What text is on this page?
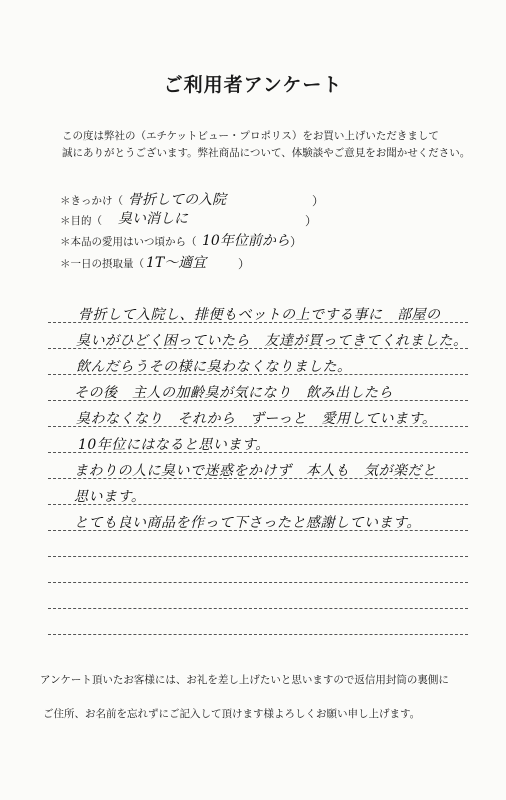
ご利用者アンケート
この度は弊社の（エチケットビュー・プロポリス）をお買い上げいただきまして
誠にありがとうございます。弊社商品について、体験談やご意見をお聞かせください。
＊きっかけ（ 骨折しての入院	）
＊目的（ 臭い消しに	）
＊本品の愛用はいつ頃から（ 10年位前から ）
＊一日の摂取量（ 1T〜適宜	）
骨折して入院し、排便もベットの上でする事に　部屋の
臭いがひどく困っていたら　友達が買ってきてくれました。
飲んだらうその様に臭わなくなりました。
その後　主人の加齢臭が気になり　飲み出したら
臭わなくなり　それから　ずーっと　愛用しています。
10年位にはなると思います。
まわりの人に臭いで迷惑をかけず　本人も　気が楽だと
思います。
とても良い商品を作って下さったと感謝しています。
アンケート頂いたお客様には、お礼を差し上げたいと思いますので返信用封筒の裏側に
ご住所、お名前を忘れずにご記入して頂けます様よろしくお願い申し上げます。
